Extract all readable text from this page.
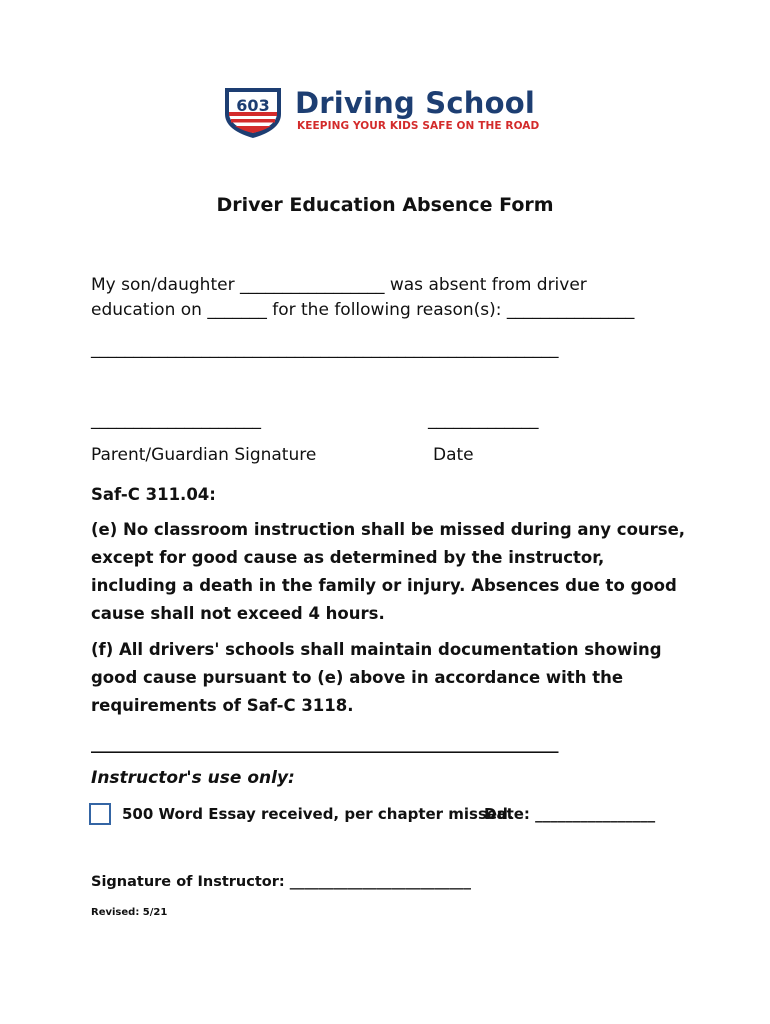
★★★
603 Driving School
KEEPING YOUR KIDS SAFE ON THE ROAD
Driver Education Absence Form
My son/daughter _________________ was absent from driver
education on _______ for the following reason(s): _______________
_______________________________________________________
____________________	_____________
Parent/Guardian Signature	Date
Saf-C 311.04:
(e) No classroom instruction shall be missed during any course, except for good cause as determined by the instructor, including a death in the family or injury. Absences due to good cause shall not exceed 4 hours.
(f) All drivers' schools shall maintain documentation showing good cause pursuant to (e) above in accordance with the requirements of Saf-C 3118.
_______________________________________________________
Instructor's use only:
500 Word Essay received, per chapter missed.
Date: ________________
Signature of Instructor: _________________________
Revised: 5/21
